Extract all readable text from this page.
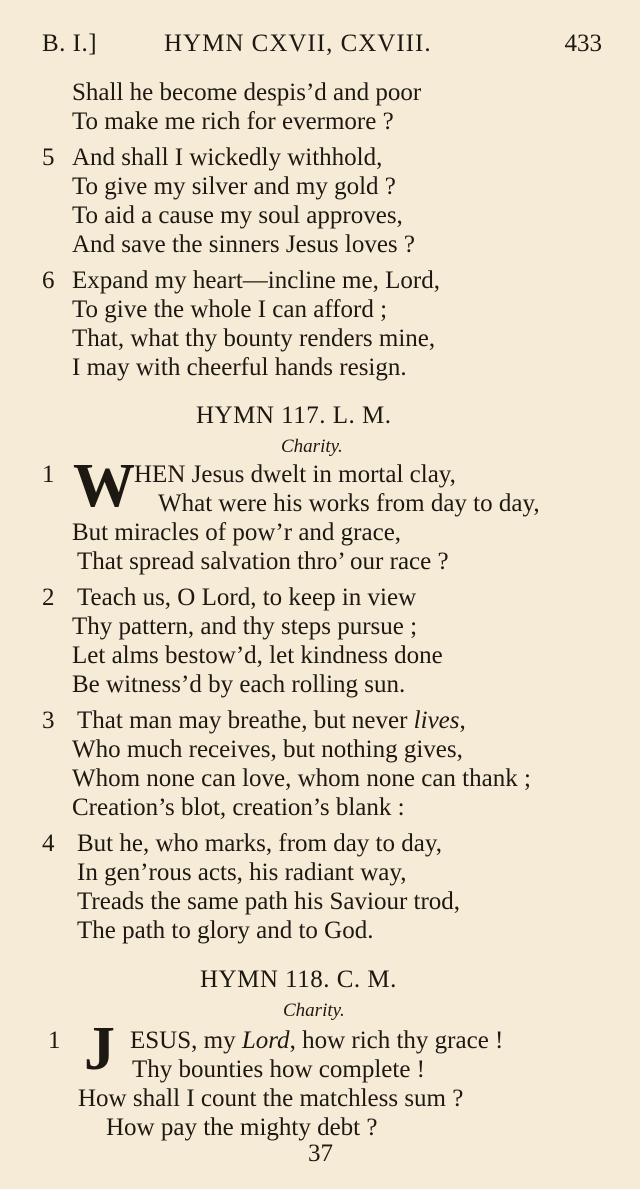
B. I.]	HYMN CXVII, CXVIII.	433
Shall he become despis’d and poor
To make me rich for evermore ?
5 And shall I wickedly withhold,
To give my silver and my gold ?
To aid a cause my soul approves,
And save the sinners Jesus loves ?
6 Expand my heart—incline me, Lord,
To give the whole I can afford ;
That, what thy bounty renders mine,
I may with cheerful hands resign.
HYMN 117. L. M.
Charity.
1 W HEN Jesus dwelt in mortal clay,
What were his works from day to day,
But miracles of pow’r and grace,
That spread salvation thro’ our race ?
2 Teach us, O Lord, to keep in view
Thy pattern, and thy steps pursue ;
Let alms bestow’d, let kindness done
Be witness’d by each rolling sun.
3 That man may breathe, but never lives,
Who much receives, but nothing gives,
Whom none can love, whom none can thank ;
Creation’s blot, creation’s blank :
4 But he, who marks, from day to day,
In gen’rous acts, his radiant way,
Treads the same path his Saviour trod,
The path to glory and to God.
HYMN 118. C. M.
Charity.
1 J ESUS, my Lord, how rich thy grace !
Thy bounties how complete !
How shall I count the matchless sum ?
How pay the mighty debt ?
37
